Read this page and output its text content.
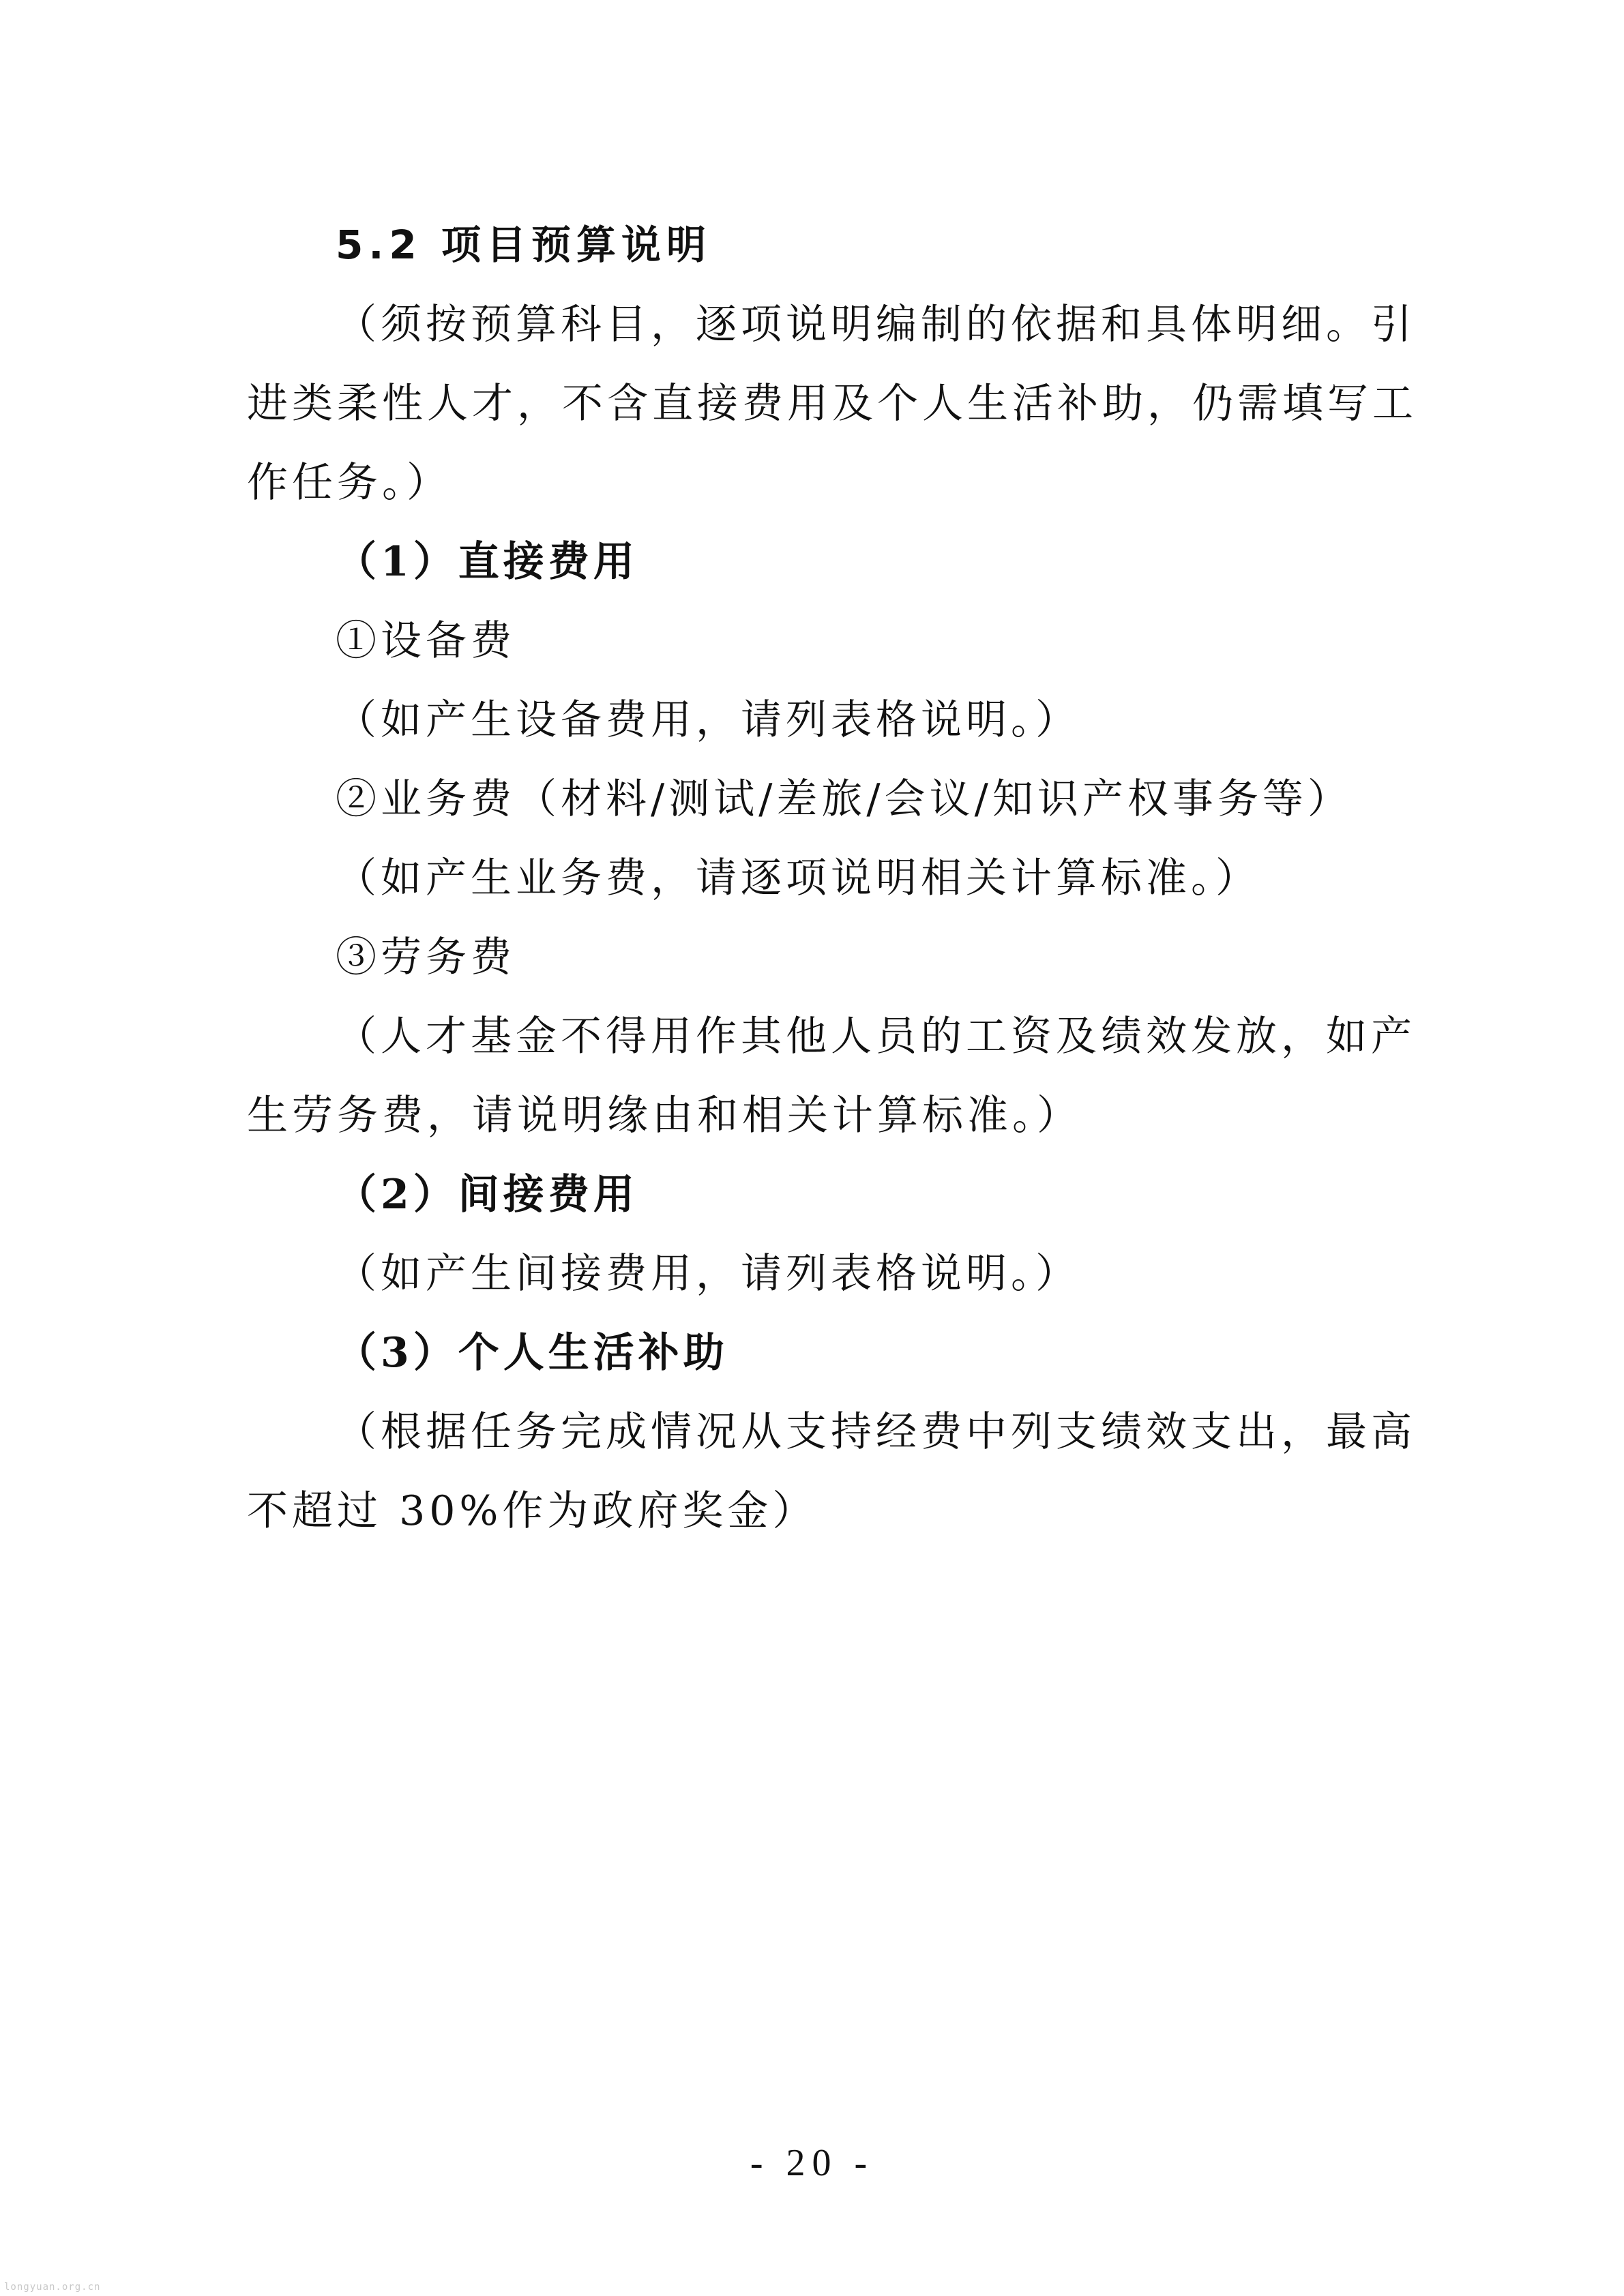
5.2 项目预算说明
（须按预算科目，逐项说明编制的依据和具体明细。引
进类柔性人才，不含直接费用及个人生活补助，仍需填写工
作任务。）
（1）直接费用
①设备费
（如产生设备费用，请列表格说明。）
②业务费（材料/测试/差旅/会议/知识产权事务等）
（如产生业务费，请逐项说明相关计算标准。）
③劳务费
（人才基金不得用作其他人员的工资及绩效发放，如产
生劳务费，请说明缘由和相关计算标准。）
（2）间接费用
（如产生间接费用，请列表格说明。）
（3）个人生活补助
（根据任务完成情况从支持经费中列支绩效支出，最高
不超过 30%作为政府奖金）
- 20 -
longyuan.org.cn
